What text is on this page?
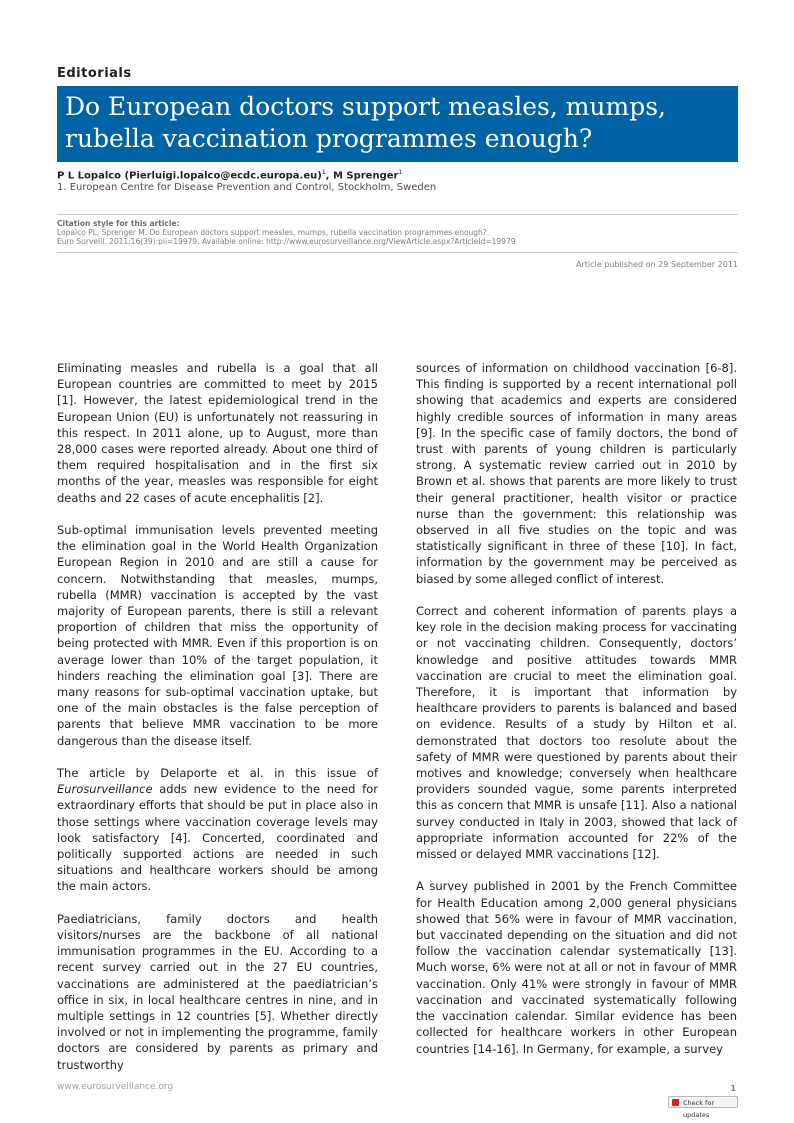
Editorials
Do European doctors support measles, mumps, rubella vaccination programmes enough?
P L Lopalco (Pierluigi.lopalco@ecdc.europa.eu)$^1$, M Sprenger$^1$
1. European Centre for Disease Prevention and Control, Stockholm, Sweden
Citation style for this article:
Lopalco PL, Sprenger M. Do European doctors support measles, mumps, rubella vaccination programmes enough?.
Euro Surveill. 2011;16(39):pii=19979. Available online: http://www.eurosurveillance.org/ViewArticle.aspx?ArticleId=19979
Article published on 29 September 2011

Eliminating measles and rubella is a goal that all European countries are committed to meet by 2015 [1]. However, the latest epidemiological trend in the European Union (EU) is unfortunately not reassuring in this respect. In 2011 alone, up to August, more than 28,000 cases were reported already. About one third of them required hospitalisation and in the first six months of the year, measles was responsible for eight deaths and 22 cases of acute encephalitis [2].

Sub-optimal immunisation levels prevented meeting the elimination goal in the World Health Organization European Region in 2010 and are still a cause for concern. Notwithstanding that measles, mumps, rubella (MMR) vaccination is accepted by the vast majority of European parents, there is still a relevant proportion of children that miss the opportunity of being protected with MMR. Even if this proportion is on average lower than 10% of the target population, it hinders reaching the elimination goal [3]. There are many reasons for sub-optimal vaccination uptake, but one of the main obstacles is the false perception of parents that believe MMR vaccination to be more dangerous than the disease itself.

The article by Delaporte et al. in this issue of Eurosurveillance adds new evidence to the need for extraordinary efforts that should be put in place also in those settings where vaccination coverage levels may look satisfactory [4]. Concerted, coordinated and politically supported actions are needed in such situations and healthcare workers should be among the main actors.

Paediatricians, family doctors and health visitors/nurses are the backbone of all national immunisation programmes in the EU. According to a recent survey carried out in the 27 EU countries, vaccinations are administered at the paediatrician’s office in six, in local healthcare centres in nine, and in multiple settings in 12 countries [5]. Whether directly involved or not in implementing the programme, family doctors are considered by parents as primary and trustworthy

sources of information on childhood vaccination [6-8]. This finding is supported by a recent international poll showing that academics and experts are considered highly credible sources of information in many areas [9]. In the specific case of family doctors, the bond of trust with parents of young children is particularly strong. A systematic review carried out in 2010 by Brown et al. shows that parents are more likely to trust their general practitioner, health visitor or practice nurse than the government: this relationship was observed in all five studies on the topic and was statistically significant in three of these [10]. In fact, information by the government may be perceived as biased by some alleged conflict of interest.

Correct and coherent information of parents plays a key role in the decision making process for vaccinating or not vaccinating children. Consequently, doctors’ knowledge and positive attitudes towards MMR vaccination are crucial to meet the elimination goal. Therefore, it is important that information by healthcare providers to parents is balanced and based on evidence. Results of a study by Hilton et al. demonstrated that doctors too resolute about the safety of MMR were questioned by parents about their motives and knowledge; conversely when healthcare providers sounded vague, some parents interpreted this as concern that MMR is unsafe [11]. Also a national survey conducted in Italy in 2003, showed that lack of appropriate information accounted for 22% of the missed or delayed MMR vaccinations [12].

A survey published in 2001 by the French Committee for Health Education among 2,000 general physicians showed that 56% were in favour of MMR vaccination, but vaccinated depending on the situation and did not follow the vaccination calendar systematically [13]. Much worse, 6% were not at all or not in favour of MMR vaccination. Only 41% were strongly in favour of MMR vaccination and vaccinated systematically following the vaccination calendar. Similar evidence has been collected for healthcare workers in other European countries [14-16]. In Germany, for example, a survey

www.eurosurveillance.org	1
Check for updates
